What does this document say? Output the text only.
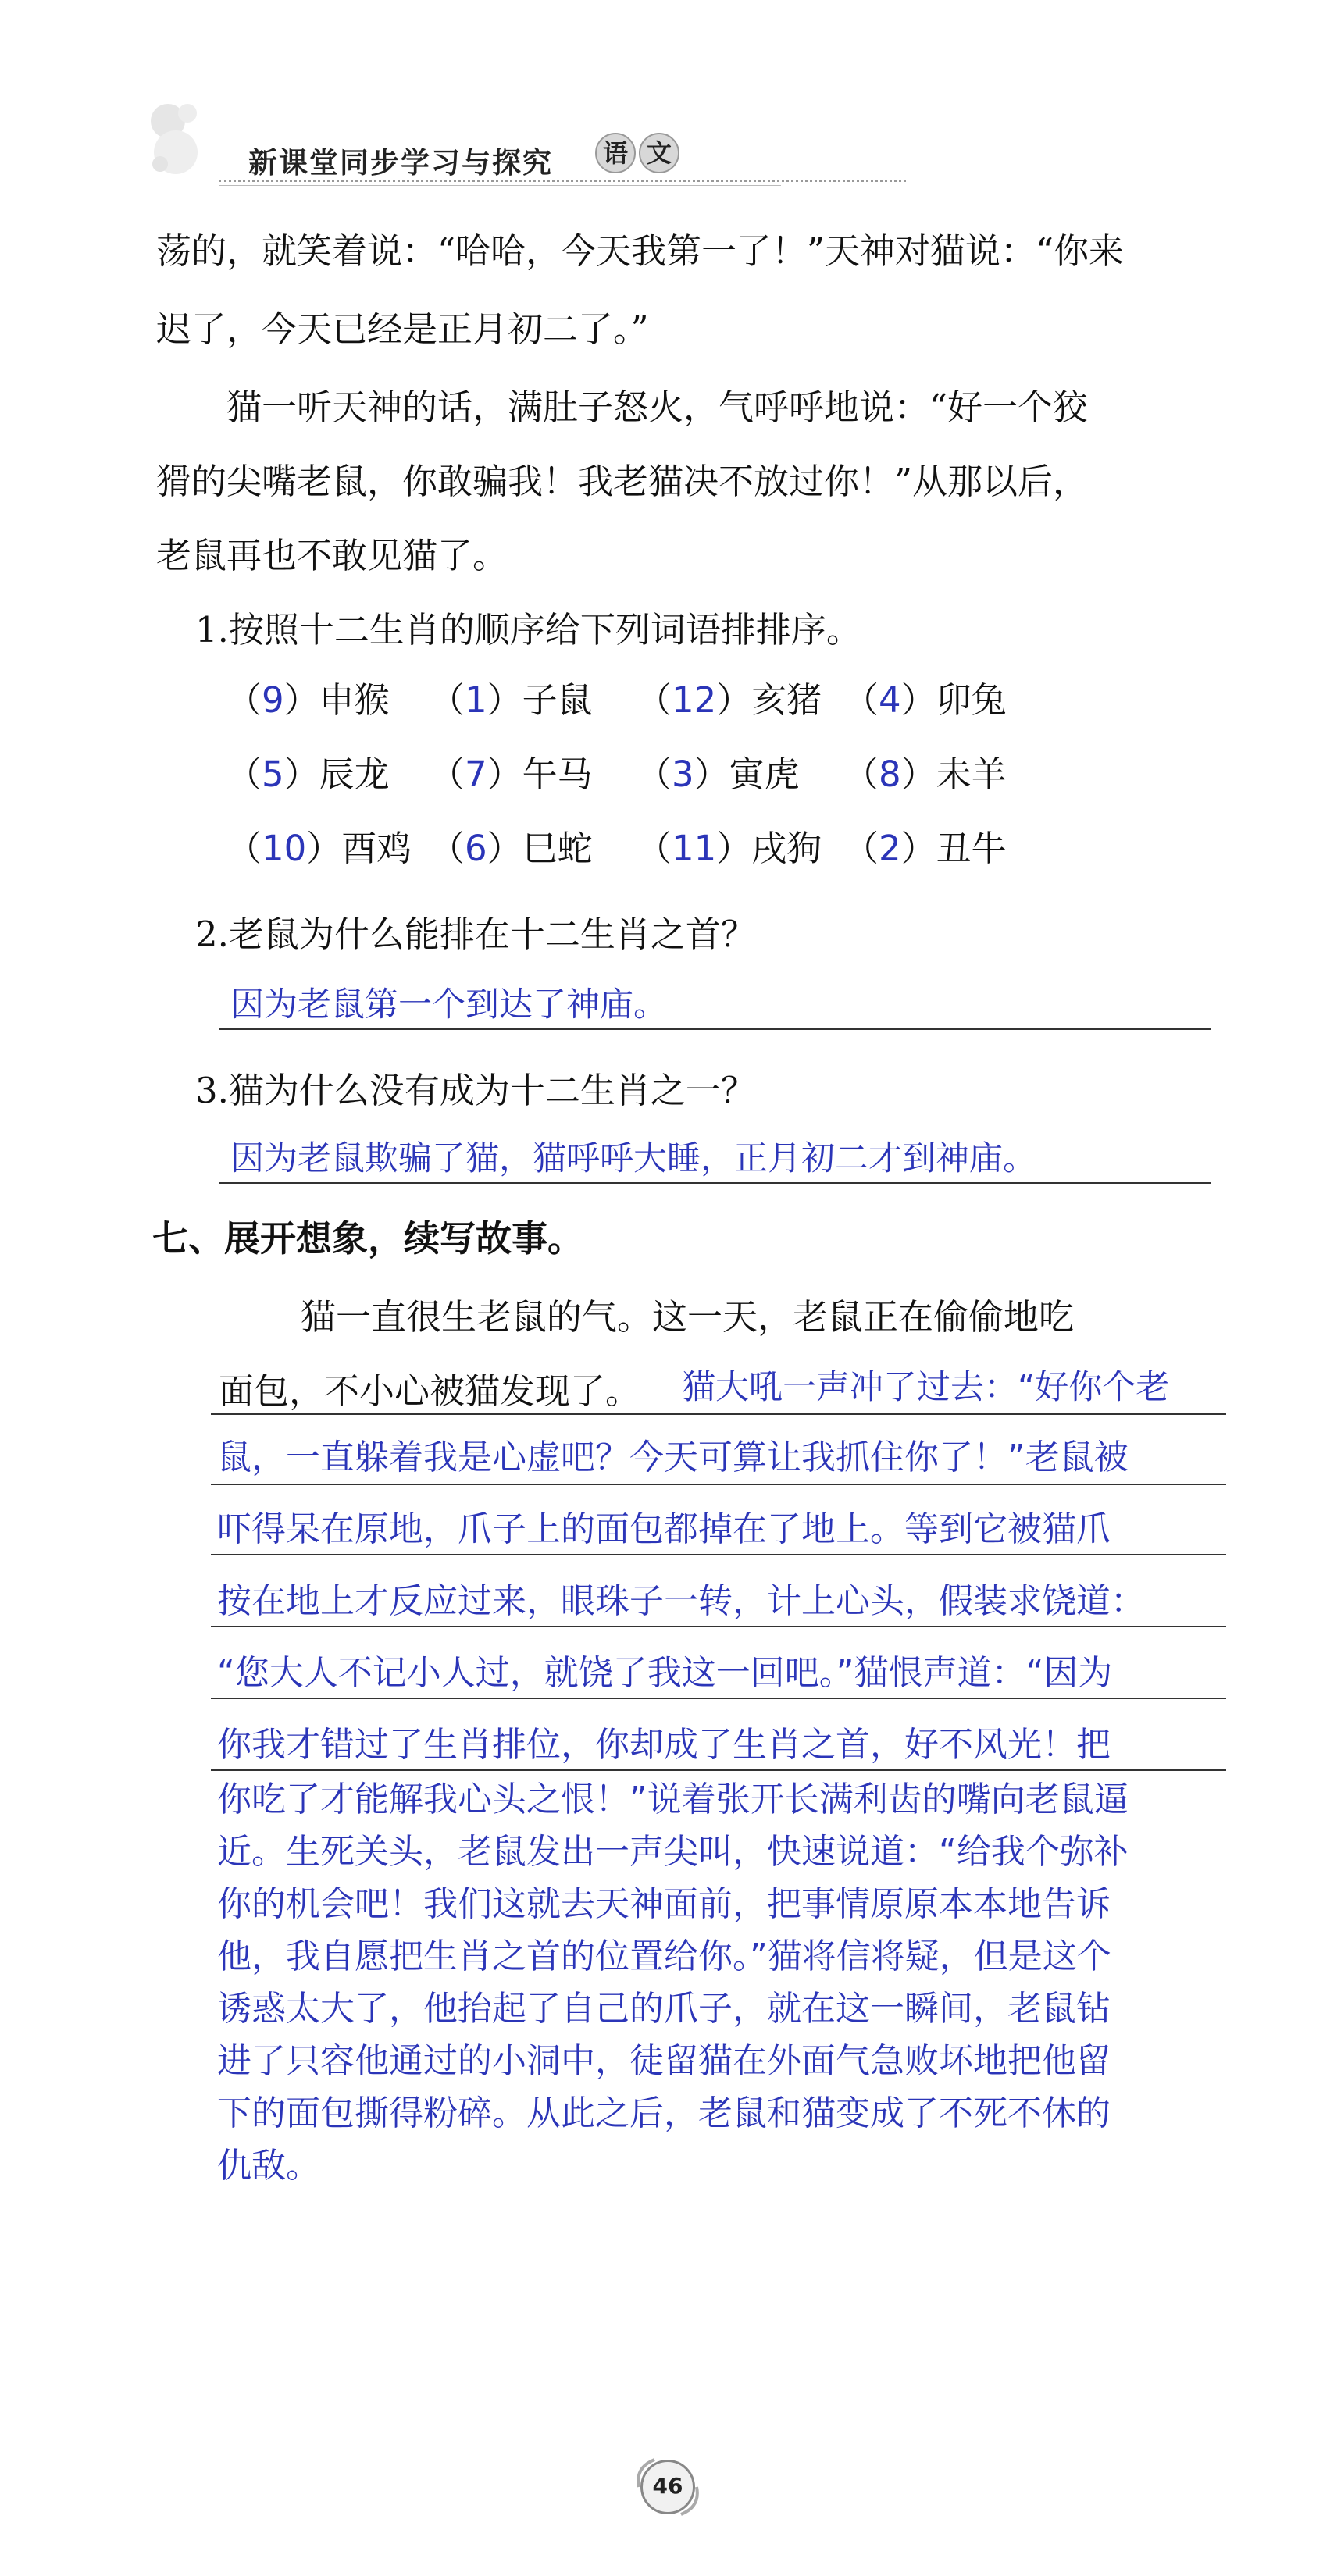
新课堂同步学习与探究	语 文
荡的，就笑着说：“哈哈，今天我第一了！”天神对猫说：“你来
迟了，今天已经是正月初二了。”
　　猫一听天神的话，满肚子怒火，气呼呼地说：“好一个狡
猾的尖嘴老鼠，你敢骗我！我老猫决不放过你！”从那以后，
老鼠再也不敢见猫了。
1.按照十二生肖的顺序给下列词语排排序。
（9）申猴 （1）子鼠 （12）亥猪 （4）卯兔
（5）辰龙 （7）午马 （3）寅虎 （8）未羊
（10）酉鸡 （6）巳蛇 （11）戌狗 （2）丑牛
2.老鼠为什么能排在十二生肖之首？
因为老鼠第一个到达了神庙。
3.猫为什么没有成为十二生肖之一？
因为老鼠欺骗了猫，猫呼呼大睡，正月初二才到神庙。
七、展开想象，续写故事。
猫一直很生老鼠的气。这一天，老鼠正在偷偷地吃
面包，不小心被猫发现了。 猫大吼一声冲了过去：“好你个老
鼠，一直躲着我是心虚吧？今天可算让我抓住你了！”老鼠被
吓得呆在原地，爪子上的面包都掉在了地上。等到它被猫爪
按在地上才反应过来，眼珠子一转，计上心头，假装求饶道：
“您大人不记小人过，就饶了我这一回吧。”猫恨声道：“因为
你我才错过了生肖排位，你却成了生肖之首，好不风光！把
你吃了才能解我心头之恨！”说着张开长满利齿的嘴向老鼠逼
近。生死关头，老鼠发出一声尖叫，快速说道：“给我个弥补
你的机会吧！我们这就去天神面前，把事情原原本本地告诉
他，我自愿把生肖之首的位置给你。”猫将信将疑，但是这个
诱惑太大了，他抬起了自己的爪子，就在这一瞬间，老鼠钻
进了只容他通过的小洞中，徒留猫在外面气急败坏地把他留
下的面包撕得粉碎。从此之后，老鼠和猫变成了不死不休的
仇敌。
46
